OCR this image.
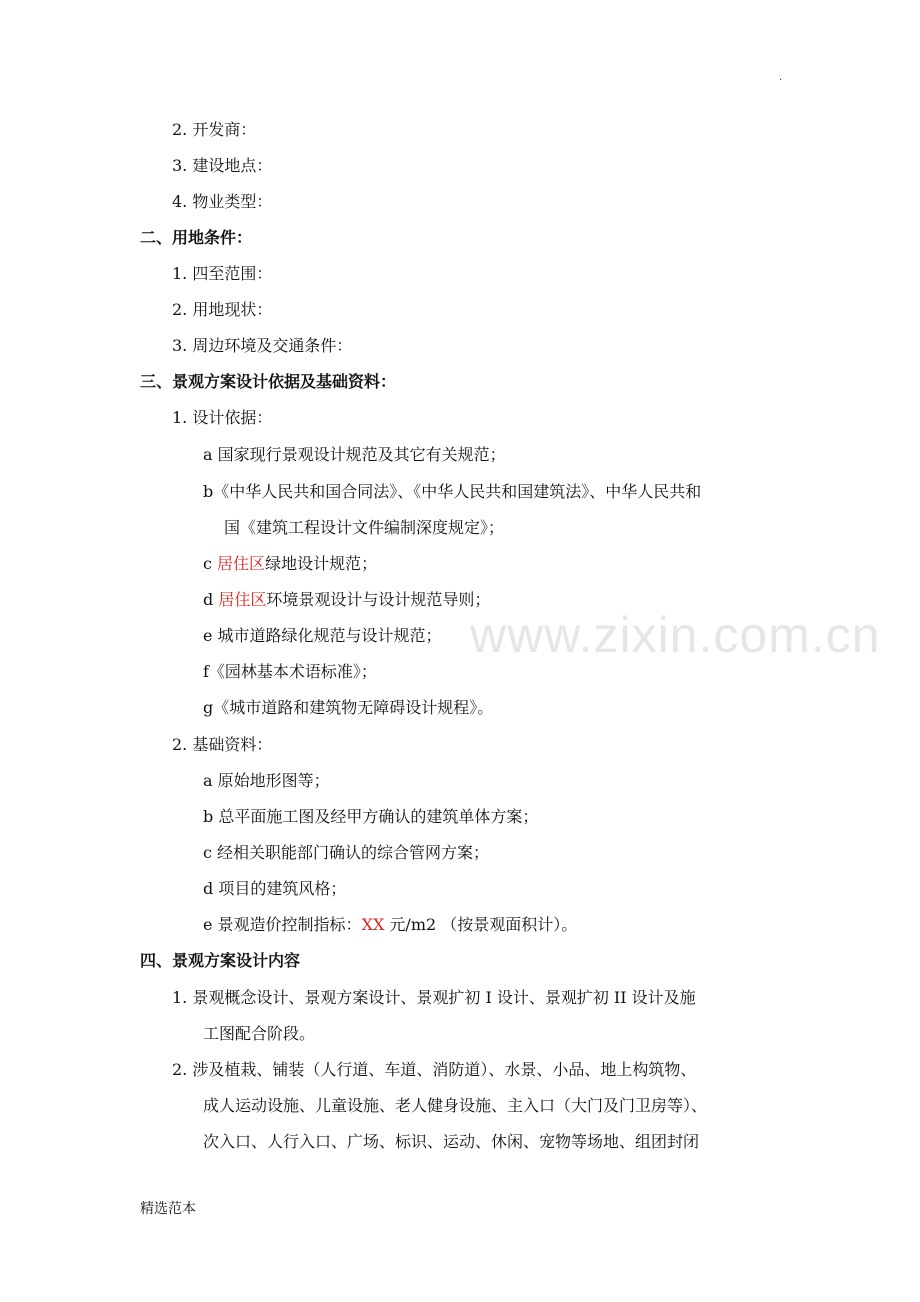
.
www.zixin.com.cn
2. 开发商：
3. 建设地点：
4. 物业类型：
二、用地条件：
1. 四至范围：
2. 用地现状：
3. 周边环境及交通条件：
三、景观方案设计依据及基础资料：
1. 设计依据：
a 国家现行景观设计规范及其它有关规范；
b《中华人民共和国合同法》、《中华人民共和国建筑法》、中华人民共和
国《建筑工程设计文件编制深度规定》；
c 居住区绿地设计规范；
d 居住区环境景观设计与设计规范导则；
e 城市道路绿化规范与设计规范；
f《园林基本术语标准》；
g《城市道路和建筑物无障碍设计规程》。
2. 基础资料：
a 原始地形图等；
b 总平面施工图及经甲方确认的建筑单体方案；
c 经相关职能部门确认的综合管网方案；
d 项目的建筑风格；
e 景观造价控制指标：XX 元/m2 （按景观面积计）。
四、景观方案设计内容
1. 景观概念设计、景观方案设计、景观扩初 I 设计、景观扩初 II 设计及施
工图配合阶段。
2. 涉及植栽、铺装（人行道、车道、消防道）、水景、小品、地上构筑物、
成人运动设施、儿童设施、老人健身设施、主入口（大门及门卫房等）、
次入口、人行入口、广场、标识、运动、休闲、宠物等场地、组团封闭
精选范本
